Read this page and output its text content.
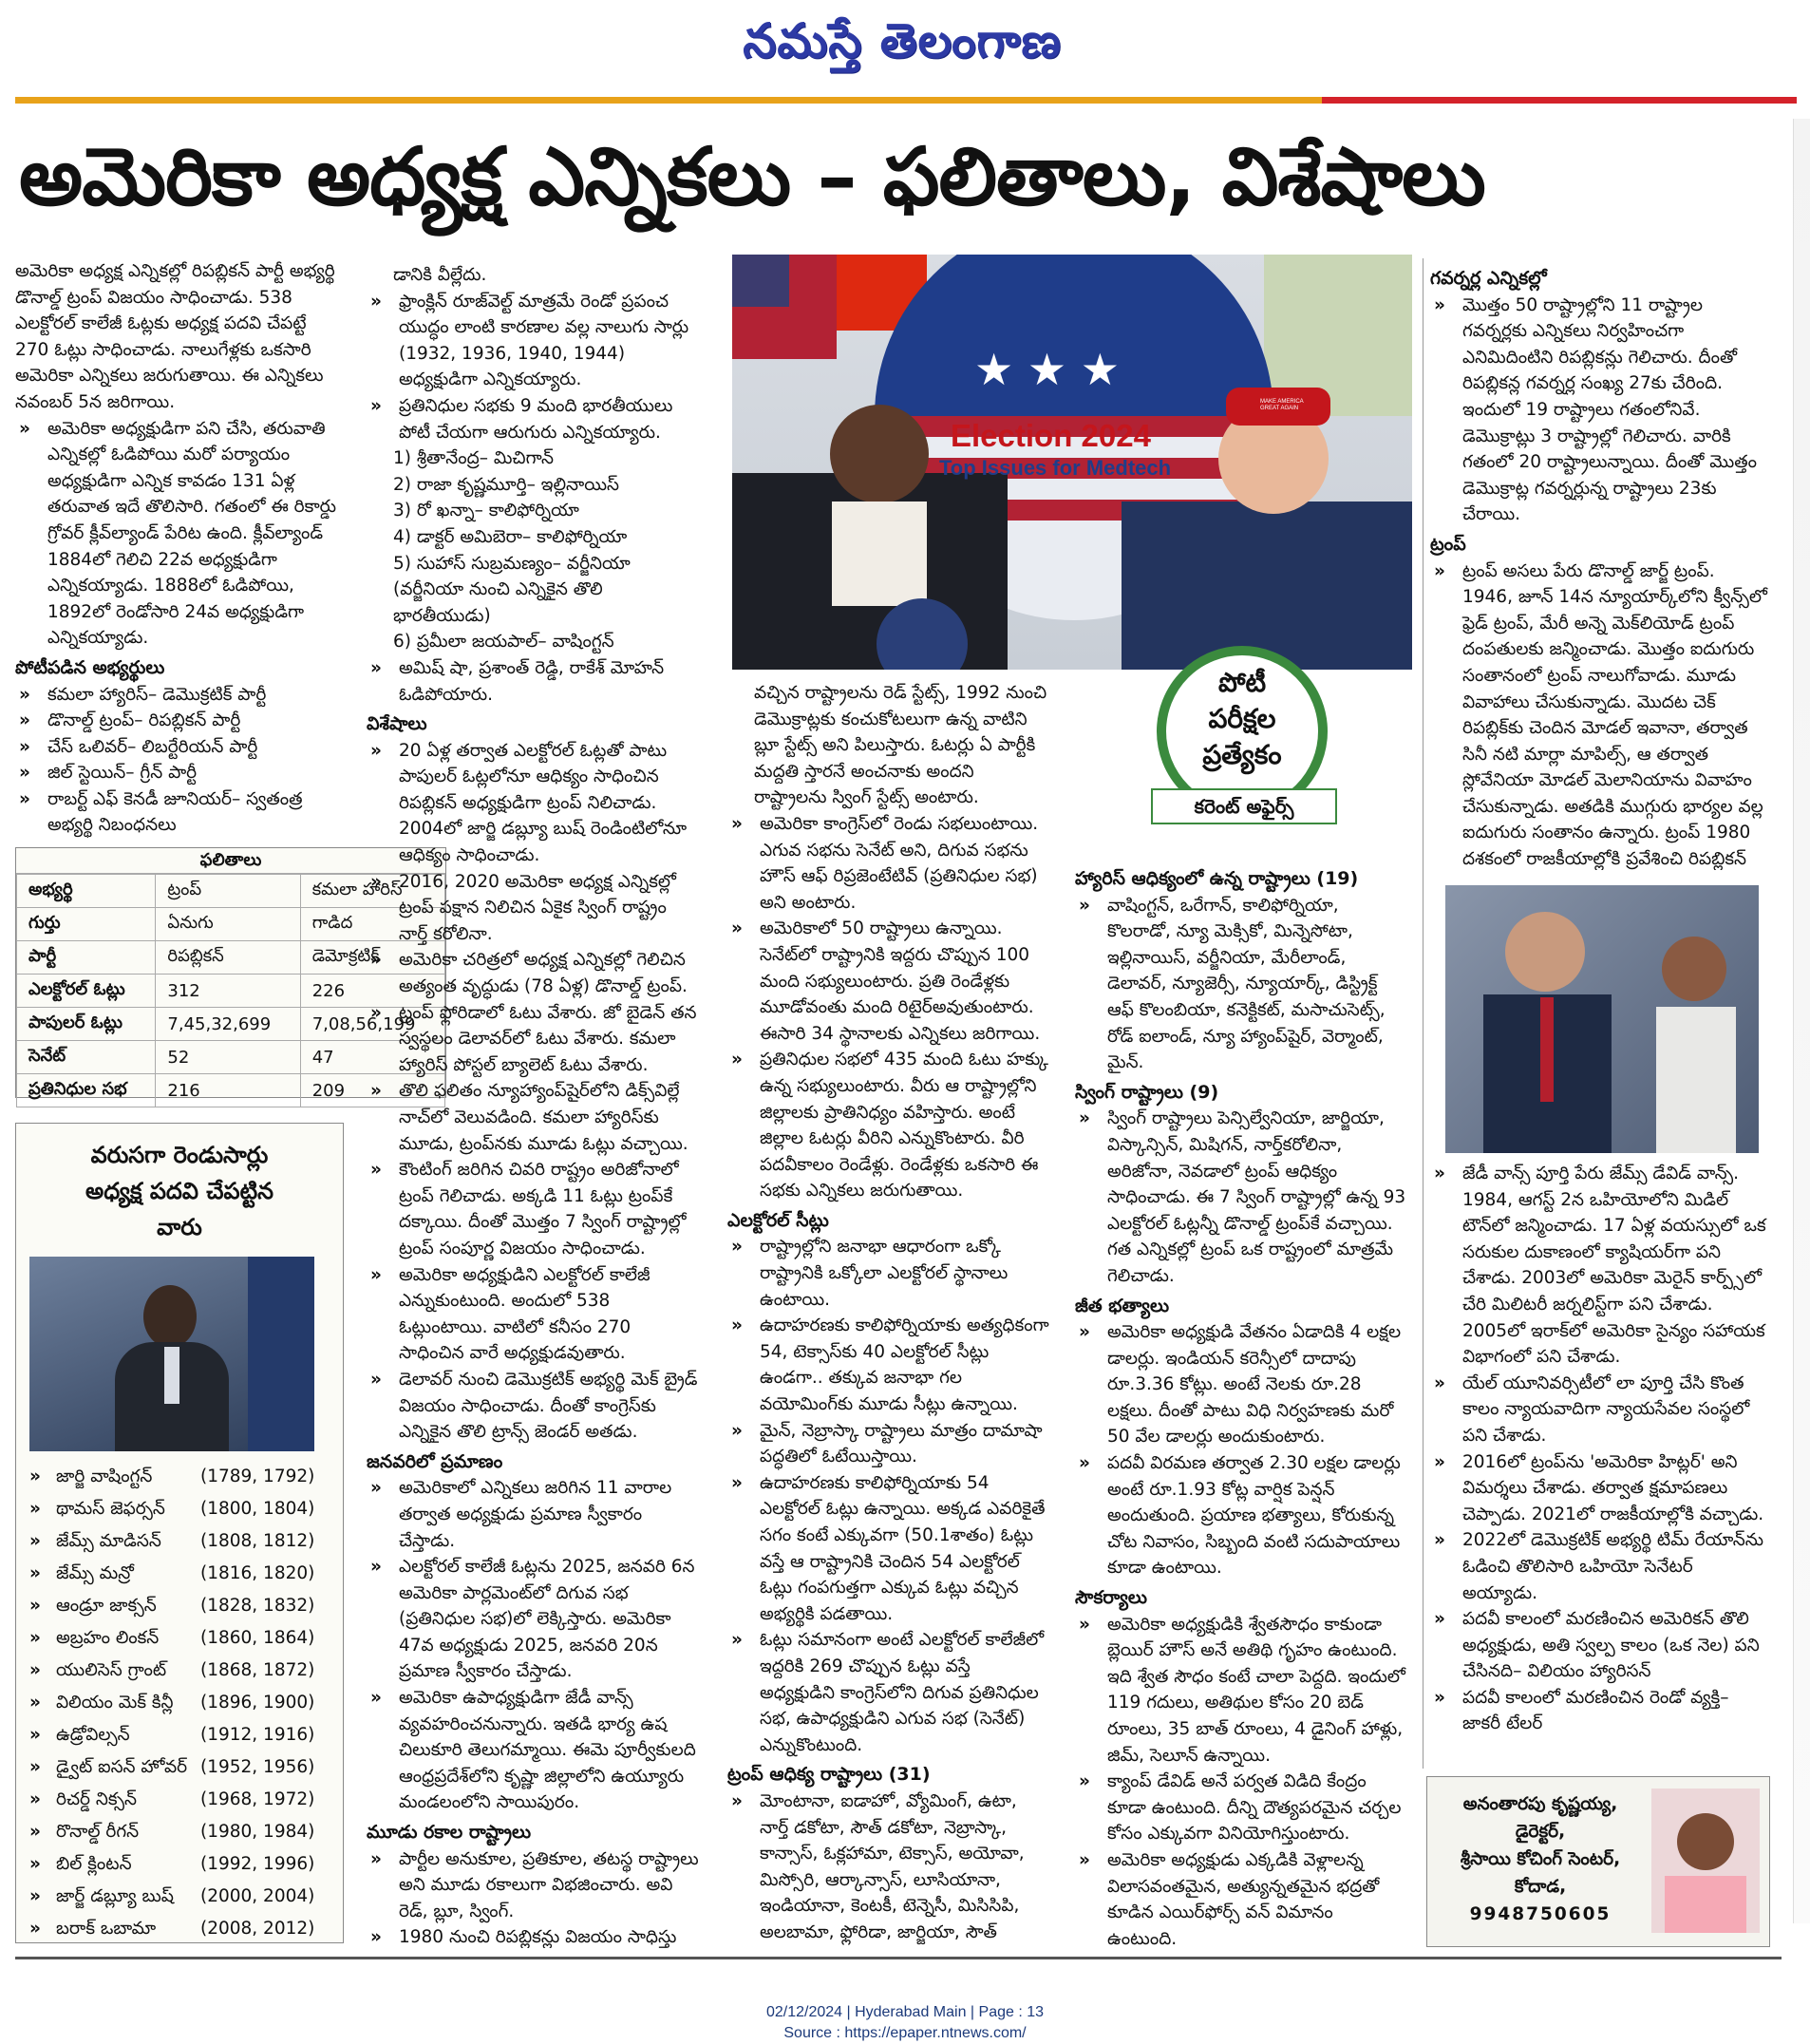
నమస్తే తెలంగాణ
అమెరికా అధ్యక్ష ఎన్నికలు – ఫలితాలు, విశేషాలు

అమెరికా అధ్యక్ష ఎన్నికల్లో రిపబ్లికన్ పార్టీ అభ్యర్థి డొనాల్డ్ ట్రంప్ విజయం సాధించాడు. 538 ఎలక్టోరల్ కాలేజీ ఓట్లకు అధ్యక్ష పదవి చేపట్టే 270 ఓట్లు సాధించాడు. నాలుగేళ్లకు ఒకసారి అమెరికా ఎన్నికలు జరుగుతాయి. ఈ ఎన్నికలు నవంబర్ 5న జరిగాయి.

» అమెరికా అధ్యక్షుడిగా పని చేసి, తరువాతి ఎన్నికల్లో ఓడిపోయి మరో పర్యాయం అధ్యక్షుడిగా ఎన్నిక కావడం 131 ఏళ్ల తరువాత ఇదే తొలిసారి. గతంలో ఈ రికార్డు గ్రోవర్ క్లీవ్‌ల్యాండ్ పేరిట ఉంది. క్లీవ్‌ల్యాండ్ 1884లో గెలిచి 22వ అధ్యక్షుడిగా ఎన్నికయ్యాడు. 1888లో ఓడిపోయి, 1892లో రెండోసారి 24వ అధ్యక్షుడిగా ఎన్నికయ్యాడు.

పోటీపడిన అభ్యర్థులు

» కమలా హ్యారిస్– డెమొక్రటిక్ పార్టీ

» డొనాల్డ్ ట్రంప్– రిపబ్లికన్ పార్టీ

» చేస్ ఒలివర్– లిబర్టేరియన్ పార్టీ

» జిల్ స్టెయిన్– గ్రీన్ పార్టీ

» రాబర్ట్ ఎఫ్ కెనడీ జూనియర్– స్వతంత్ర అభ్యర్థి నిబంధనలు

ఫలితాలు
అభ్యర్థి	ట్రంప్	కమలా హారిస్
గుర్తు	ఏనుగు	గాడిద
పార్టీ	రిపబ్లికన్	డెమోక్రటిక్
ఎలక్టోరల్ ఓట్లు	312	226
పాపులర్ ఓట్లు	7,45,32,699	7,08,56,199
సెనేట్	52	47
ప్రతినిధుల సభ	216	209
వరుసగా రెండుసార్లు అధ్యక్ష పదవి చేపట్టిన వారు
» జార్జి వాషింగ్టన్	(1789, 1792)
» థామస్ జెఫర్సన్	(1800, 1804)
» జేమ్స్ మాడిసన్	(1808, 1812)
» జేమ్స్ మన్రో	(1816, 1820)
» ఆండ్రూ జాక్సన్	(1828, 1832)
» అబ్రహం లింకన్	(1860, 1864)
» యులిసెస్ గ్రాంట్	(1868, 1872)
» విలియం మెక్ కిన్లీ	(1896, 1900)
» ఉడ్రోవిల్సన్	(1912, 1916)
» డ్వైట్ ఐసన్ హోవర్ (1952, 1956)
» రిచర్డ్ నిక్సన్	(1968, 1972)
» రొనాల్డ్ రీగన్	(1980, 1984)
» బిల్ క్లింటన్	(1992, 1996)
» జార్జ్ డబ్ల్యూ బుష్	(2000, 2004)
» బరాక్ ఒబామా	(2008, 2012)

డానికి వీల్లేదు.

» ఫ్రాంక్లిన్ రూజ్‌వెల్ట్ మాత్రమే రెండో ప్రపంచ యుద్ధం లాంటి కారణాల వల్ల నాలుగు సార్లు (1932, 1936, 1940, 1944) అధ్యక్షుడిగా ఎన్నికయ్యారు.

» ప్రతినిధుల సభకు 9 మంది భారతీయులు పోటీ చేయగా ఆరుగురు ఎన్నికయ్యారు.

1) శ్రీతానేంద్ర– మిచిగాన్

2) రాజా కృష్ణమూర్తి– ఇల్లినాయిస్

3) రో ఖన్నా– కాలిఫోర్నియా

4) డాక్టర్ అమిబెరా– కాలిఫోర్నియా

5) సుహాస్ సుబ్రమణ్యం– వర్జీనియా (వర్జీనియా నుంచి ఎన్నికైన తొలి భారతీయుడు)

6) ప్రమీలా జయపాల్– వాషింగ్టన్

» అమిష్ షా, ప్రశాంత్ రెడ్డి, రాకేశ్ మోహన్ ఓడిపోయారు.

విశేషాలు

» 20 ఏళ్ల తర్వాత ఎలక్టోరల్ ఓట్లతో పాటు పాపులర్ ఓట్లలోనూ ఆధిక్యం సాధించిన రిపబ్లికన్ అధ్యక్షుడిగా ట్రంప్ నిలిచాడు. 2004లో జార్జి డబ్ల్యూ బుష్ రెండింటిలోనూ ఆధిక్యం సాధించాడు.

» 2016, 2020 అమెరికా అధ్యక్ష ఎన్నికల్లో ట్రంప్ పక్షాన నిలిచిన ఏకైక స్వింగ్ రాష్ట్రం నార్త్ కరోలినా.

» అమెరికా చరిత్రలో అధ్యక్ష ఎన్నికల్లో గెలిచిన అత్యంత వృద్ధుడు (78 ఏళ్ల) డొనాల్డ్ ట్రంప్.

» ట్రంప్ ఫ్లోరిడాలో ఓటు వేశారు. జో బైడెన్ తన స్వస్థలం డెలావర్‌లో ఓటు వేశారు. కమలా హ్యారిస్ పోస్టల్ బ్యాలెట్ ఓటు వేశారు.

» తొలి ఫలితం న్యూహ్యాంప్‌షైర్‌లోని డిక్స్‌విల్లే నాచ్‌లో వెలువడింది. కమలా హ్యారిస్‌కు మూడు, ట్రంప్‌నకు మూడు ఓట్లు వచ్చాయి.

» కౌంటింగ్ జరిగిన చివరి రాష్ట్రం అరిజోనాలో ట్రంప్ గెలిచాడు. అక్కడి 11 ఓట్లు ట్రంప్‌కే దక్కాయి. దీంతో మొత్తం 7 స్వింగ్ రాష్ట్రాల్లో ట్రంప్ సంపూర్ణ విజయం సాధించాడు.

» అమెరికా అధ్యక్షుడిని ఎలక్టోరల్ కాలేజీ ఎన్నుకుంటుంది. అందులో 538 ఓట్లుంటాయి. వాటిలో కనీసం 270 సాధించిన వారే అధ్యక్షుడవుతారు.

» డెలావర్ నుంచి డెమొక్రటిక్ అభ్యర్థి మెక్ బ్రైడ్ విజయం సాధించాడు. దీంతో కాంగ్రెస్‌కు ఎన్నికైన తొలి ట్రాన్స్ జెండర్ అతడు.

జనవరిలో ప్రమాణం

» అమెరికాలో ఎన్నికలు జరిగిన 11 వారాల తర్వాత అధ్యక్షుడు ప్రమాణ స్వీకారం చేస్తాడు.

» ఎలక్టోరల్ కాలేజీ ఓట్లను 2025, జనవరి 6న అమెరికా పార్లమెంట్‌లో దిగువ సభ (ప్రతినిధుల సభ)లో లెక్కిస్తారు. అమెరికా 47వ అధ్యక్షుడు 2025, జనవరి 20న ప్రమాణ స్వీకారం చేస్తాడు.

» అమెరికా ఉపాధ్యక్షుడిగా జేడీ వాన్స్ వ్యవహరించనున్నారు. ఇతడి భార్య ఉష చిలుకూరి తెలుగమ్మాయి. ఈమె పూర్వీకులది ఆంధ్రప్రదేశ్‌లోని కృష్ణా జిల్లాలోని ఉయ్యూరు మండలంలోని సాయిపురం.

మూడు రకాల రాష్ట్రాలు

» పార్టీల అనుకూల, ప్రతికూల, తటస్థ రాష్ట్రాలు అని మూడు రకాలుగా విభజించారు. అవి రెడ్, బ్లూ, స్వింగ్.

» 1980 నుంచి రిపబ్లికన్లు విజయం సాధిస్తు

★ ★ ★
Election 2024
Top Issues for Medtech
MAKE AMERICA GREAT AGAIN
పోటీ
పరీక్షల
ప్రత్యేకం
కరెంట్ అఫైర్స్

వచ్చిన రాష్ట్రాలను రెడ్ స్టేట్స్, 1992 నుంచి డెమొక్రాట్లకు కంచుకోటలుగా ఉన్న వాటిని బ్లూ స్టేట్స్ అని పిలుస్తారు. ఓటర్లు ఏ పార్టీకి మద్దతి స్తారనే అంచనాకు అందని రాష్ట్రాలను స్వింగ్ స్టేట్స్ అంటారు.

» అమెరికా కాంగ్రెస్‌లో రెండు సభలుంటాయి. ఎగువ సభను సెనేట్ అని, దిగువ సభను హౌస్ ఆఫ్ రిప్రజెంటేటివ్ (ప్రతినిధుల సభ) అని అంటారు.

» అమెరికాలో 50 రాష్ట్రాలు ఉన్నాయి. సెనేట్‌లో రాష్ట్రానికి ఇద్దరు చొప్పున 100 మంది సభ్యులుంటారు. ప్రతి రెండేళ్లకు మూడోవంతు మంది రిటైర్‌అవుతుంటారు. ఈసారి 34 స్థానాలకు ఎన్నికలు జరిగాయి.

» ప్రతినిధుల సభలో 435 మంది ఓటు హక్కు ఉన్న సభ్యులుంటారు. వీరు ఆ రాష్ట్రాల్లోని జిల్లాలకు ప్రాతినిధ్యం వహిస్తారు. అంటే జిల్లాల ఓటర్లు వీరిని ఎన్నుకొంటారు. వీరి పదవీకాలం రెండేళ్లు. రెండేళ్లకు ఒకసారి ఈ సభకు ఎన్నికలు జరుగుతాయి.

ఎలక్టోరల్ సీట్లు

» రాష్ట్రాల్లోని జనాభా ఆధారంగా ఒక్కో రాష్ట్రానికి ఒక్కోలా ఎలక్టోరల్ స్థానాలు ఉంటాయి.

» ఉదాహరణకు కాలిఫోర్నియాకు అత్యధికంగా 54, టెక్సాస్‌కు 40 ఎలక్టోరల్ సీట్లు ఉండగా.. తక్కువ జనాభా గల వయోమింగ్‌కు మూడు సీట్లు ఉన్నాయి.

» మైన్, నెబ్రాస్కా రాష్ట్రాలు మాత్రం దామాషా పద్ధతిలో ఓటేయిస్తాయి.

» ఉదాహరణకు కాలిఫోర్నియాకు 54 ఎలక్టోరల్ ఓట్లు ఉన్నాయి. అక్కడ ఎవరికైతే సగం కంటే ఎక్కువగా (50.1శాతం) ఓట్లు వస్తే ఆ రాష్ట్రానికి చెందిన 54 ఎలక్టోరల్ ఓట్లు గంపగుత్తగా ఎక్కువ ఓట్లు వచ్చిన అభ్యర్థికి పడతాయి.

» ఓట్లు సమానంగా అంటే ఎలక్టోరల్ కాలేజీలో ఇద్దరికి 269 చొప్పున ఓట్లు వస్తే అధ్యక్షుడిని కాంగ్రెస్‌లోని దిగువ ప్రతినిధుల సభ, ఉపాధ్యక్షుడిని ఎగువ సభ (సెనేట్) ఎన్నుకొంటుంది.

ట్రంప్ ఆధిక్య రాష్ట్రాలు (31)

» మోంటానా, ఐడాహో, వ్యోమింగ్, ఉటా, నార్త్ డకోటా, సౌత్ డకోటా, నెబ్రాస్కా, కాన్సాస్, ఓక్లహామా, టెక్సాస్, అయోవా, మిస్సోరి, ఆర్కాన్సాస్, లూసియానా, ఇండియానా, కెంటకీ, టెన్నెసీ, మిసిసిపి, అలబామా, ఫ్లోరిడా, జార్జియా, సౌత్

హ్యారిస్ ఆధిక్యంలో ఉన్న రాష్ట్రాలు (19)

» వాషింగ్టన్, ఒరేగాన్, కాలిఫోర్నియా, కొలరాడో, న్యూ మెక్సికో, మిన్నెసోటా, ఇల్లినాయిస్, వర్జీనియా, మేరీలాండ్, డెలావర్, న్యూజెర్సీ, న్యూయార్క్, డిస్ట్రిక్ట్ ఆఫ్ కొలంబియా, కనెక్టికట్, మసాచుసెట్స్, రోడ్ ఐలాండ్, న్యూ హ్యాంప్‌షైర్, వెర్మాంట్, మైన్.

స్వింగ్ రాష్ట్రాలు (9)

» స్వింగ్ రాష్ట్రాలు పెన్సిల్వేనియా, జార్జియా, విస్కాన్సిన్, మిషిగన్, నార్త్‌కరోలినా, అరిజోనా, నెవడాలో ట్రంప్ ఆధిక్యం సాధించాడు. ఈ 7 స్వింగ్ రాష్ట్రాల్లో ఉన్న 93 ఎలక్టోరల్ ఓట్లన్నీ డొనాల్డ్ ట్రంప్‌కే వచ్చాయి. గత ఎన్నికల్లో ట్రంప్ ఒక రాష్ట్రంలో మాత్రమే గెలిచాడు.

జీత భత్యాలు

» అమెరికా అధ్యక్షుడి వేతనం ఏడాదికి 4 లక్షల డాలర్లు. ఇండియన్ కరెన్సీలో దాదాపు రూ.3.36 కోట్లు. అంటే నెలకు రూ.28 లక్షలు. దీంతో పాటు విధి నిర్వహణకు మరో 50 వేల డాలర్లు అందుకుంటారు.

» పదవీ విరమణ తర్వాత 2.30 లక్షల డాలర్లు అంటే రూ.1.93 కోట్ల వార్షిక పెన్షన్ అందుతుంది. ప్రయాణ భత్యాలు, కోరుకున్న చోట నివాసం, సిబ్బంది వంటి సదుపాయాలు కూడా ఉంటాయి.

సౌకర్యాలు

» అమెరికా అధ్యక్షుడికి శ్వేతసౌధం కాకుండా బ్లెయిర్ హౌస్ అనే అతిథి గృహం ఉంటుంది. ఇది శ్వేత సౌధం కంటే చాలా పెద్దది. ఇందులో 119 గదులు, అతిథుల కోసం 20 బెడ్ రూంలు, 35 బాత్ రూంలు, 4 డైనింగ్ హాళ్లు, జిమ్, సెలూన్ ఉన్నాయి.

» క్యాంప్ డేవిడ్ అనే పర్వత విడిది కేంద్రం కూడా ఉంటుంది. దీన్ని దౌత్యపరమైన చర్చల కోసం ఎక్కువగా వినియోగిస్తుంటారు.

» అమెరికా అధ్యక్షుడు ఎక్కడికి వెళ్లాలన్న విలాసవంతమైన, అత్యున్నతమైన భద్రతో కూడిన ఎయిర్‌ఫోర్స్ వన్ విమానం ఉంటుంది.

గవర్నర్ల ఎన్నికల్లో

» మొత్తం 50 రాష్ట్రాల్లోని 11 రాష్ట్రాల గవర్నర్లకు ఎన్నికలు నిర్వహించగా ఎనిమిదింటిని రిపబ్లికన్లు గెలిచారు. దీంతో రిపబ్లికన్ల గవర్నర్ల సంఖ్య 27కు చేరింది. ఇందులో 19 రాష్ట్రాలు గతంలోనివే. డెమొక్రాట్లు 3 రాష్ట్రాల్లో గెలిచారు. వారికి గతంలో 20 రాష్ట్రాలున్నాయి. దీంతో మొత్తం డెమొక్రాట్ల గవర్నర్లున్న రాష్ట్రాలు 23కు చేరాయి.

ట్రంప్

» ట్రంప్ అసలు పేరు డొనాల్డ్ జార్జ్ ట్రంప్. 1946, జూన్ 14న న్యూయార్క్‌లోని క్వీన్స్‌లో ఫ్రెడ్ ట్రంప్, మేరీ అన్నె మెక్‌లియోడ్ ట్రంప్ దంపతులకు జన్మించాడు. మొత్తం ఐదుగురు సంతానంలో ట్రంప్ నాలుగోవాడు. మూడు వివాహాలు చేసుకున్నాడు. మొదట చెక్ రిపబ్లిక్‌కు చెందిన మోడల్ ఇవానా, తర్వాత సినీ నటి మార్లా మాపిల్స్, ఆ తర్వాత స్లోవేనియా మోడల్ మెలానియాను వివాహం చేసుకున్నాడు. అతడికి ముగ్గురు భార్యల వల్ల ఐదుగురు సంతానం ఉన్నారు. ట్రంప్ 1980 దశకంలో రాజకీయాల్లోకి ప్రవేశించి రిపబ్లికన్

» జేడీ వాన్స్ పూర్తి పేరు జేమ్స్ డేవిడ్ వాన్స్. 1984, ఆగస్ట్ 2న ఒహియోలోని మిడిల్ టౌన్‌లో జన్మించాడు. 17 ఏళ్ల వయస్సులో ఒక సరుకుల దుకాణంలో క్యాషియర్‌గా పని చేశాడు. 2003లో అమెరికా మెరైన్ కార్ప్స్‌లో చేరి మిలిటరీ జర్నలిస్ట్‌గా పని చేశాడు. 2005లో ఇరాక్‌లో అమెరికా సైన్యం సహాయక విభాగంలో పని చేశాడు.

» యేల్ యూనివర్సిటీలో లా పూర్తి చేసి కొంత కాలం న్యాయవాదిగా న్యాయసేవల సంస్థలో పని చేశాడు.

» 2016లో ట్రంప్‌ను 'అమెరికా హిట్లర్' అని విమర్శలు చేశాడు. తర్వాత క్షమాపణలు చెప్పాడు. 2021లో రాజకీయాల్లోకి వచ్చాడు.

» 2022లో డెమొక్రటిక్ అభ్యర్థి టిమ్ రేయాన్‌ను ఓడించి తొలిసారి ఒహియో సెనేటర్ అయ్యాడు.

» పదవీ కాలంలో మరణించిన అమెరికన్ తొలి అధ్యక్షుడు, అతి స్వల్ప కాలం (ఒక నెల) పని చేసినది– విలియం హ్యారిసన్

» పదవీ కాలంలో మరణించిన రెండో వ్యక్తి– జాకరీ టేలర్

అనంతారపు కృష్ణయ్య,
డైరెక్టర్,
శ్రీసాయి కోచింగ్ సెంటర్,
కోదాడ,
9948750605
02/12/2024 | Hyderabad Main | Page : 13
Source : https://epaper.ntnews.com/
